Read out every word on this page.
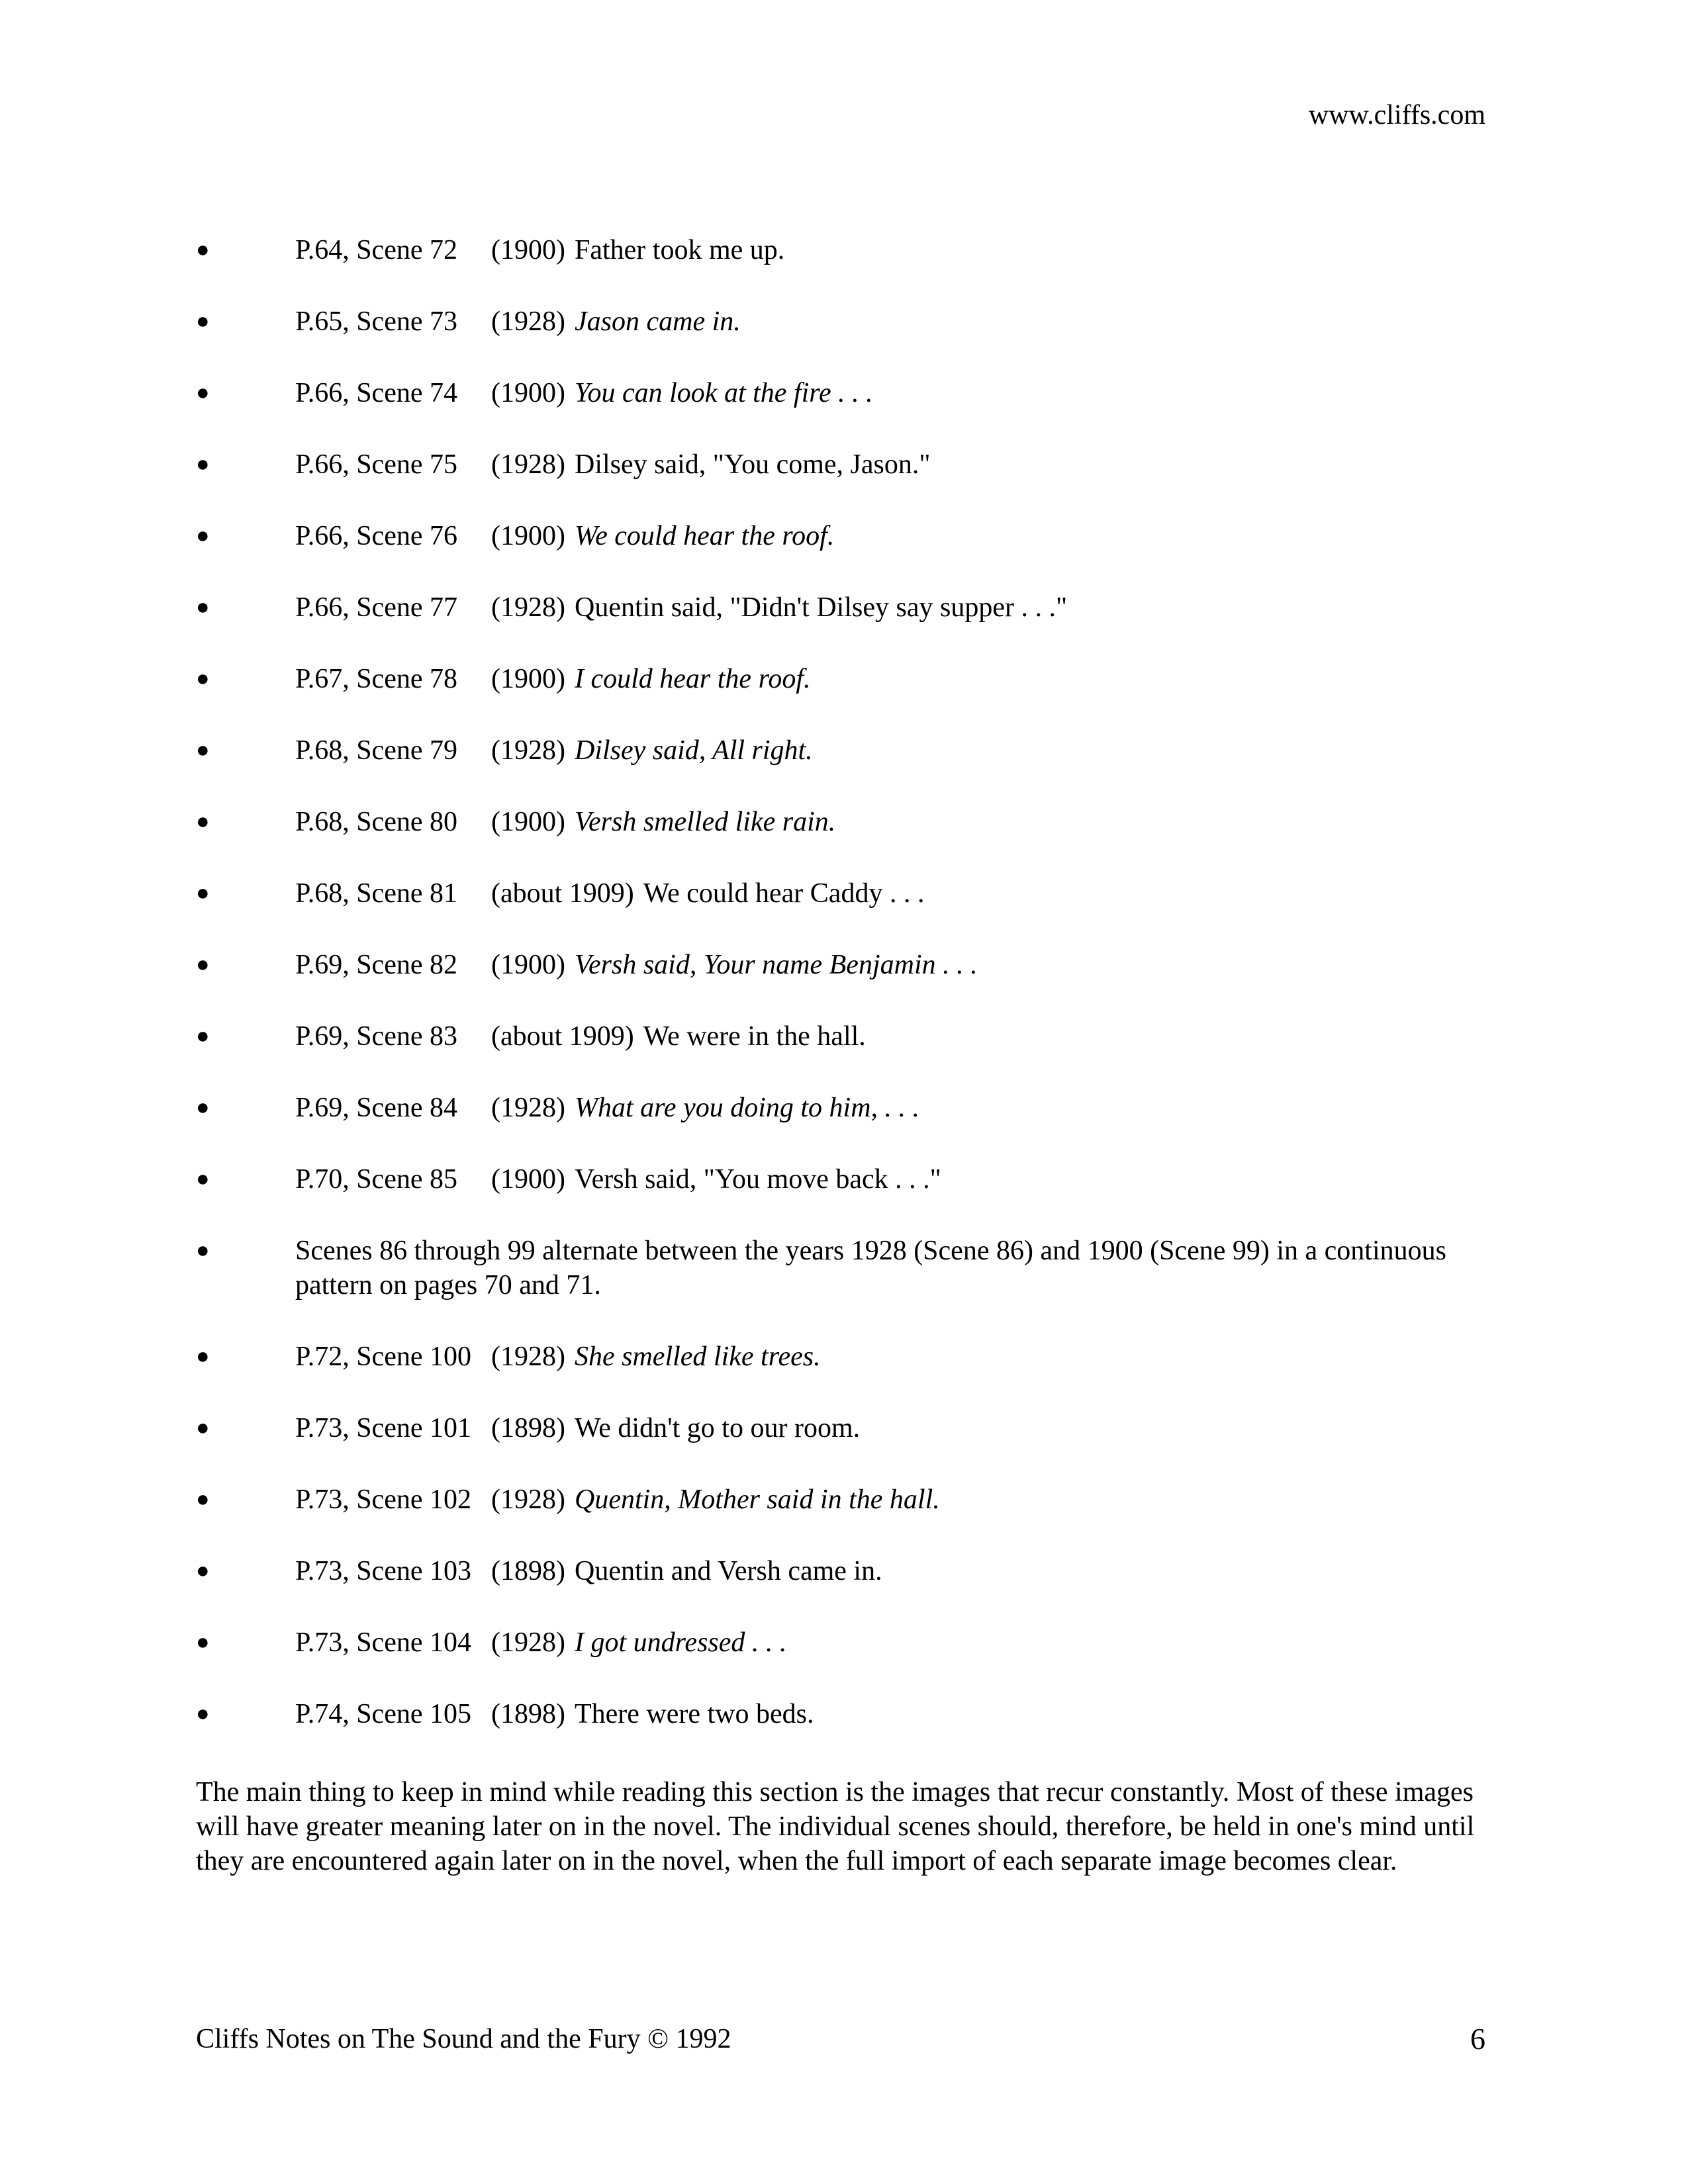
www.cliffs.com
●	P.64, Scene 72 (1900) Father took me up.
●	P.65, Scene 73 (1928) Jason came in.
●	P.66, Scene 74 (1900) You can look at the fire . . .
●	P.66, Scene 75 (1928) Dilsey said, "You come, Jason."
●	P.66, Scene 76 (1900) We could hear the roof.
●	P.66, Scene 77 (1928) Quentin said, "Didn't Dilsey say supper . . ."
●	P.67, Scene 78 (1900) I could hear the roof.
●	P.68, Scene 79 (1928) Dilsey said, All right.
●	P.68, Scene 80 (1900) Versh smelled like rain.
●	P.68, Scene 81 (about 1909) We could hear Caddy . . .
●	P.69, Scene 82 (1900) Versh said, Your name Benjamin . . .
●	P.69, Scene 83 (about 1909) We were in the hall.
●	P.69, Scene 84 (1928) What are you doing to him, . . .
●	P.70, Scene 85 (1900) Versh said, "You move back . . ."
●	Scenes 86 through 99 alternate between the years 1928 (Scene 86) and 1900 (Scene 99) in a continuous pattern on pages 70 and 71.
●	P.72, Scene 100 (1928) She smelled like trees.
●	P.73, Scene 101 (1898) We didn't go to our room.
●	P.73, Scene 102 (1928) Quentin, Mother said in the hall.
●	P.73, Scene 103 (1898) Quentin and Versh came in.
●	P.73, Scene 104 (1928) I got undressed . . .
●	P.74, Scene 105 (1898) There were two beds.

The main thing to keep in mind while reading this section is the images that recur constantly. Most of these images will have greater meaning later on in the novel. The individual scenes should, therefore, be held in one's mind until they are encountered again later on in the novel, when the full import of each separate image becomes clear.

Cliffs Notes on The Sound and the Fury © 1992	6
